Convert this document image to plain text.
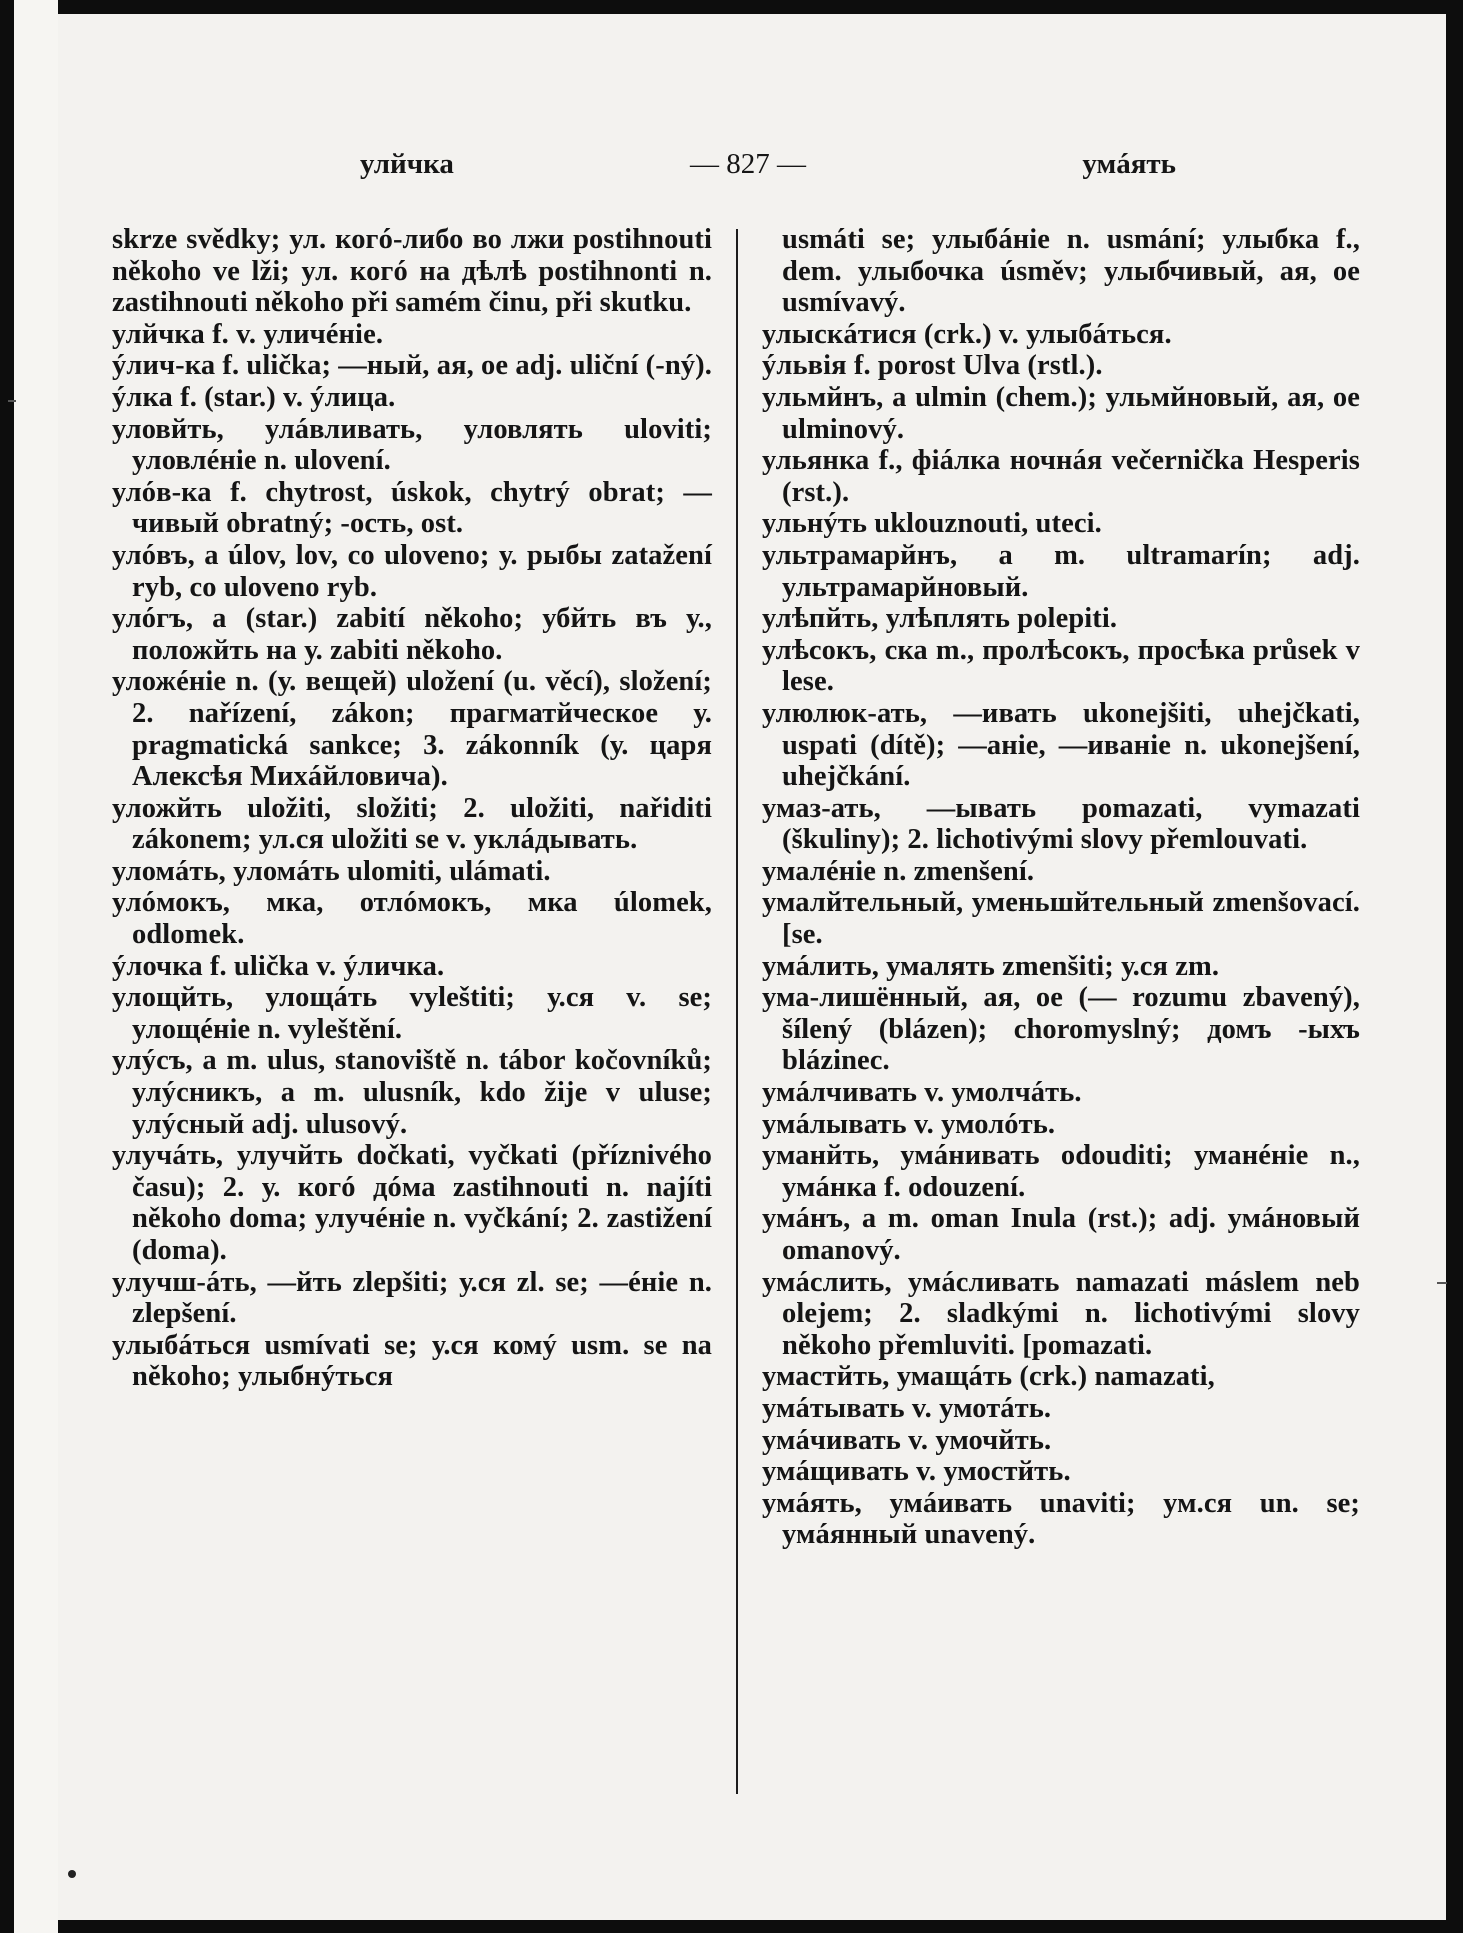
улйчка	— 827 —	умáять

skrze svědky; ул. когó-либо во лжи postihnouti někoho ve lži; ул. когó на дѣлѣ postihnonti n. zastihnouti někoho při samém činu, při skutku.

улйчка f. v. уличéніе.

ýлич-ка f. ulička; —ный, ая, ое adj. uliční (-ný).

ýлка f. (star.) v. ýлица.

уловйть, улáвливать, уловлять uloviti; уловлéніе n. ulovení.

улóв-ка f. chytrost, úskok, chytrý obrat; —чивый obratný; -ость, ost.

улóвъ, а úlov, lov, co uloveno; у. рыбы zatažení ryb, co uloveno ryb.

улóгъ, а (star.) zabití někoho; убйть въ у., положйть на у. zabiti někoho.

уложéніе n. (у. вещей) uložení (u. věcí), složení; 2. nařízení, zákon; прагматйческое у. pragmatická sankce; 3. zákonník (у. царя Алексѣя Михáйловича).

уложйть uložiti, složiti; 2. uložiti, nařiditi zákonem; ул.ся uložiti se v. уклáдывать.

уломáть, уломáть ulomiti, ulámati.

улóмокъ, мка, отлóмокъ, мка úlomek, odlomek.

ýлочка f. ulička v. ýличка.

улощйть, улощáть vyleštiti; у.ся v. se; улощéніе n. vyleštění.

улýсъ, а m. ulus, stanoviště n. tábor kočovníků; улýсникъ, а m. ulusník, kdo žije v uluse; улýсный adj. ulusový.

улучáть, улучйть dočkati, vyčkati (příznivého času); 2. у. когó дóма zastihnouti n. najíti někoho doma; улучéніе n. vyčkání; 2. zastižení (doma).

улучш-áть, —йть zlepšiti; у.ся zl. se; —éніе n. zlepšení.

улыбáться usmívati se; у.ся комý usm. se na někoho; улыбнýться

usmáti se; улыбáніе n. usmání; улыбка f., dem. улыбочка úsměv; улыбчивый, ая, ое usmívavý.

улыскáтися (crk.) v. улыбáться.

ýльвія f. porost Ulva (rstl.).

ульмйнъ, а ulmin (chem.); ульмйновый, ая, ое ulminový.

ульянка f., фіáлка ночнáя večernička Hesperis (rst.).

ульнýть uklouznouti, uteci.

ультрамарйнъ, а m. ultramarín; adj. ультрамарйновый.

улѣпйть, улѣплять polepiti.

улѣсокъ, ска m., пролѣсокъ, просѣка průsek v lese.

улюлюк-ать, —ивать ukonejšiti, uhejčkati, uspati (dítě); —аніе, —иваніе n. ukonejšení, uhejčkání.

умаз-ать, —ывать pomazati, vymazati (škuliny); 2. lichotivými slovy přemlouvati.

умалéніе n. zmenšení.

умалйтельный, уменьшйтельный zmenšovací. [se.

умáлить, умалять zmenšiti; у.ся zm.

ума-лишённый, ая, ое (— rozumu zbavený), šílený (blázen); choromyslný; домъ -ыхъ blázinec.

умáлчивать v. умолчáть.

умáлывать v. умолóть.

уманйть, умáнивать odouditi; умaнéніе n., умáнка f. odouzení.

умáнъ, а m. oman Inula (rst.); adj. умáновый omanový.

умáслить, умáсливать namazati máslem neb olejem; 2. sladkými n. lichotivými slovy někoho přemluviti. [pomazati.

умастйть, умащáть (crk.) namazati,

умáтывать v. умотáть.

умáчивать v. умочйть.

умáщивать v. умостйть.

умáять, умáивать unaviti; ум.ся un. se; умáянный unavený.
